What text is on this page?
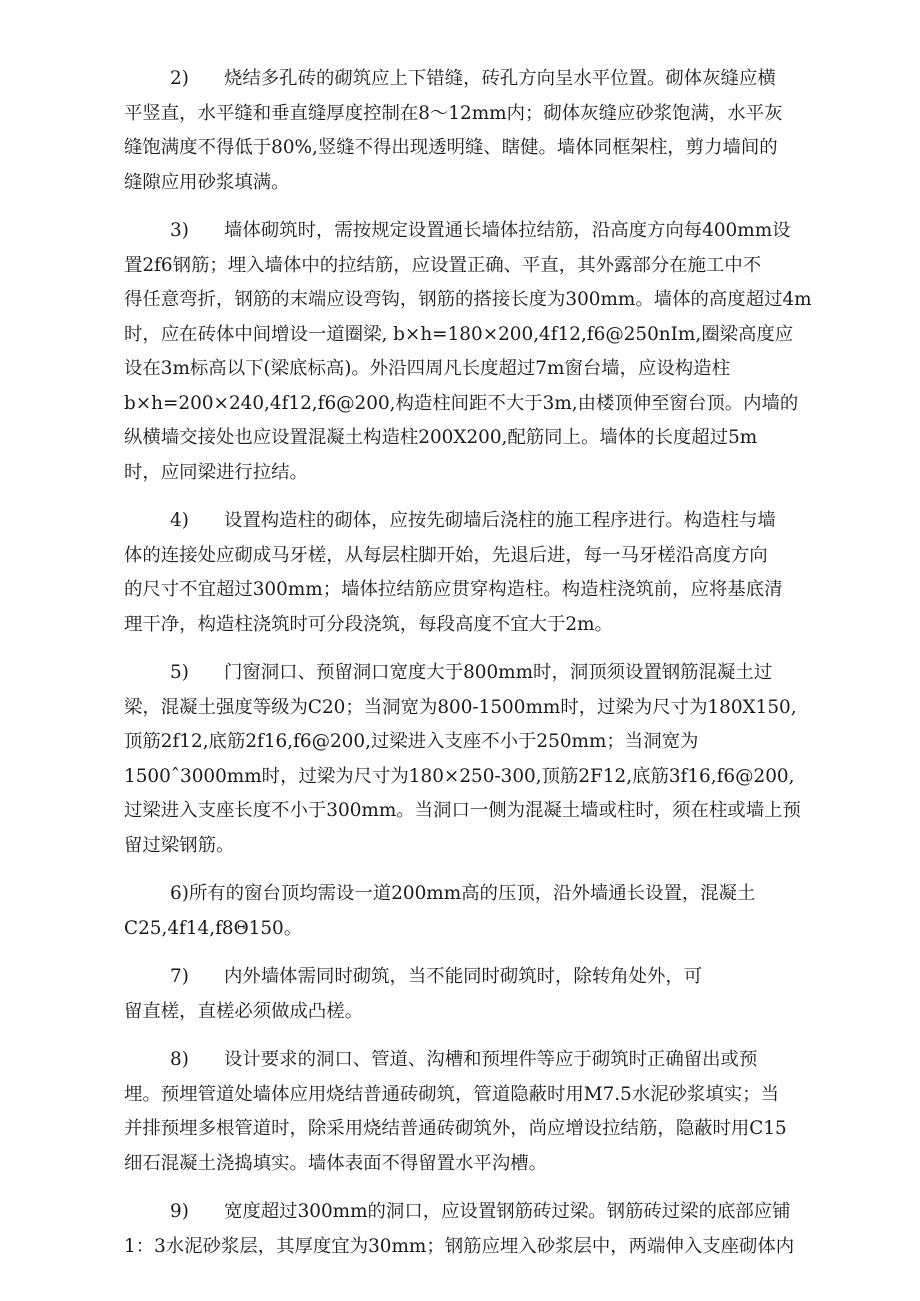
2) 烧结多孔砖的砌筑应上下错缝，砖孔方向呈水平位置。砌体灰缝应横
平竖直，水平缝和垂直缝厚度控制在8～12mm内；砌体灰缝应砂浆饱满，水平灰
缝饱满度不得低于80%,竖缝不得出现透明缝、瞎健。墙体同框架柱，剪力墙间的
缝隙应用砂浆填满。
3) 墙体砌筑时，需按规定设置通长墙体拉结筋，沿高度方向每400mm设
置2f6钢筋；埋入墙体中的拉结筋，应设置正确、平直，其外露部分在施工中不
得任意弯折，钢筋的末端应设弯钩，钢筋的搭接长度为300mm。墙体的高度超过4m
时，应在砖体中间增设一道圈梁, b×h=180×200,4f12,f6@250nIm,圈梁高度应
设在3m标高以下(梁底标高)。外沿四周凡长度超过7m窗台墙，应设构造柱
b×h=200×240,4f12,f6@200,构造柱间距不大于3m,由楼顶伸至窗台顶。内墙的
纵横墙交接处也应设置混凝土构造柱200X200,配筋同上。墙体的长度超过5m
时，应同梁进行拉结。
4) 设置构造柱的砌体，应按先砌墙后浇柱的施工程序进行。构造柱与墙
体的连接处应砌成马牙槎，从每层柱脚开始，先退后进，每一马牙槎沿高度方向
的尺寸不宜超过300mm；墙体拉结筋应贯穿构造柱。构造柱浇筑前，应将基底清
理干净，构造柱浇筑时可分段浇筑，每段高度不宜大于2m。
5) 门窗洞口、预留洞口宽度大于800mm时，洞顶须设置钢筋混凝土过
梁，混凝土强度等级为C20；当洞宽为800-1500mm时，过梁为尺寸为180X150,
顶筋2f12,底筋2f16,f6@200,过梁进入支座不小于250mm；当洞宽为
1500ˆ3000mm时，过梁为尺寸为180×250-300,顶筋2F12,底筋3f16,f6@200,
过梁进入支座长度不小于300mm。当洞口一侧为混凝土墙或柱时，须在柱或墙上预
留过梁钢筋。
6)所有的窗台顶均需设一道200mm高的压顶，沿外墙通长设置，混凝土
C25,4f14,f8Θ150。
7) 内外墙体需同时砌筑，当不能同时砌筑时，除转角处外，可
留直槎，直槎必须做成凸槎。
8) 设计要求的洞口、管道、沟槽和预埋件等应于砌筑时正确留出或预
埋。预埋管道处墙体应用烧结普通砖砌筑，管道隐蔽时用M7.5水泥砂浆填实；当
并排预埋多根管道时，除采用烧结普通砖砌筑外，尚应增设拉结筋，隐蔽时用C15
细石混凝土浇捣填实。墙体表面不得留置水平沟槽。
9) 宽度超过300mm的洞口，应设置钢筋砖过梁。钢筋砖过梁的底部应铺
1：3水泥砂浆层，其厚度宜为30mm；钢筋应埋入砂浆层中，两端伸入支座砌体内
